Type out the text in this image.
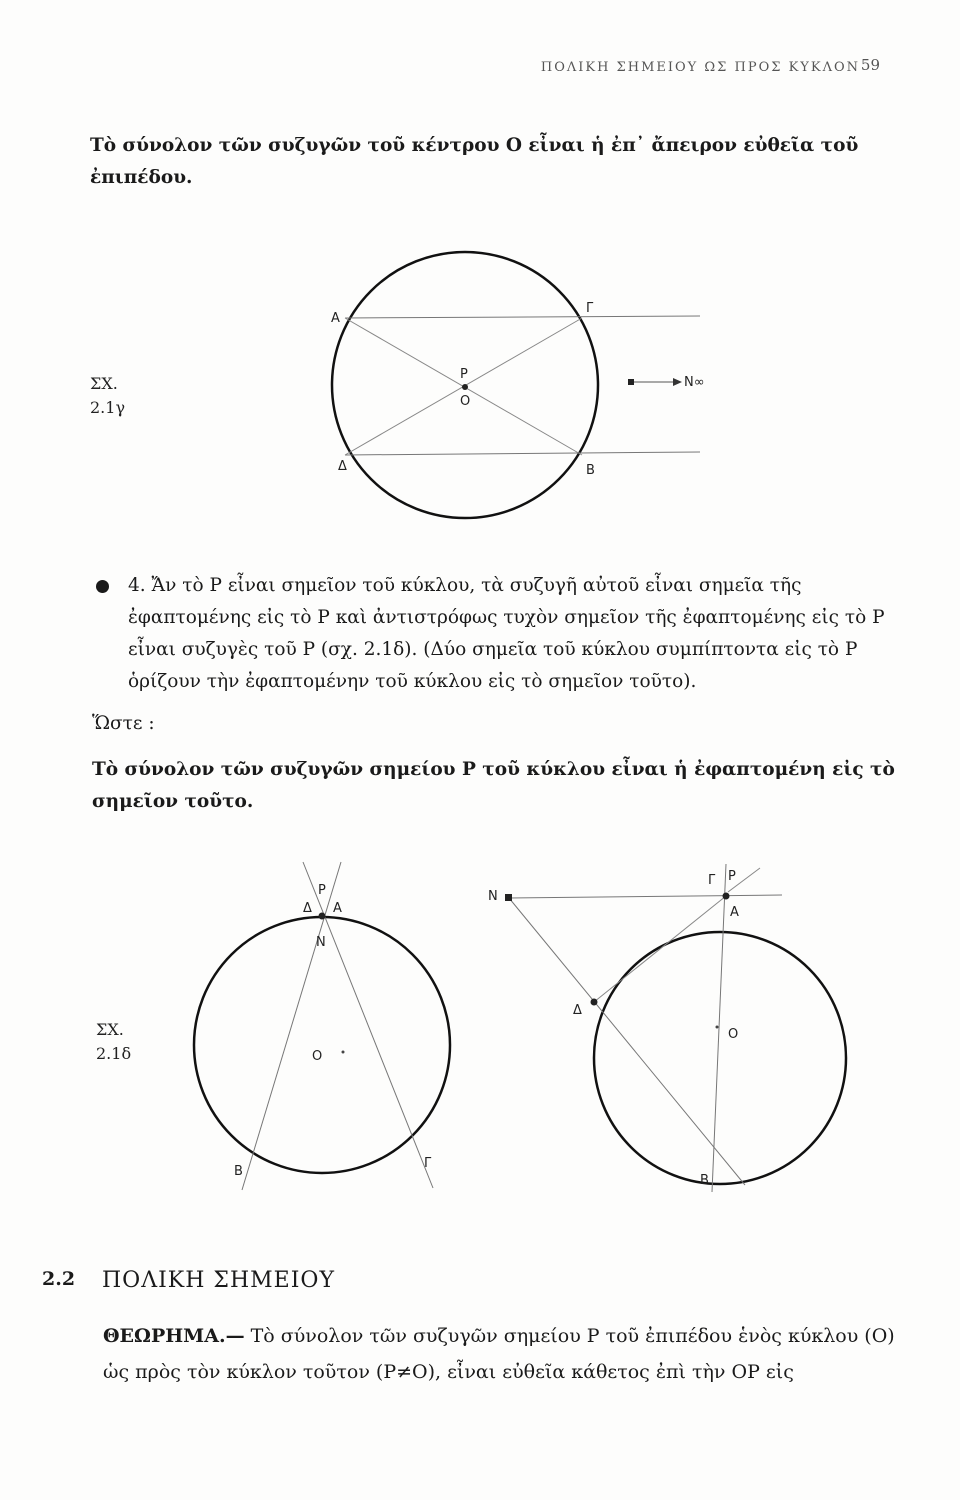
ΠΟΛΙΚΗ ΣΗΜΕΙΟΥ ΩΣ ΠΡΟΣ ΚΥΚΛΟΝ 59
Τὸ σύνολον τῶν συζυγῶν τοῦ κέντρου Ο εἶναι ἡ ἐπ᾽ ἄπειρον εὐθεῖα τοῦ ἐπιπέδου.
ΣΧ.
2.1γ
Α
Γ
Δ	Β
Ρ
Ο
N∞
4. Ἄν τὸ Ρ εἶναι σημεῖον τοῦ κύκλου, τὰ συζυγῆ αὐτοῦ εἶναι σημεῖα τῆς ἐφαπτομένης εἰς τὸ Ρ καὶ ἀντιστρόφως τυχὸν σημεῖον τῆς ἐφαπτομένης εἰς τὸ Ρ εἶναι συζυγὲς τοῦ Ρ (σχ. 2.1δ). (Δύο σημεῖα τοῦ κύκλου συμπίπτοντα εἰς τὸ Ρ ὁρίζουν τὴν ἐφαπτομένην τοῦ κύκλου εἰς τὸ σημεῖον τοῦτο).
Ὥστε :
Τὸ σύνολον τῶν συζυγῶν σημείου Ρ τοῦ κύκλου εἶναι ἡ ἐφαπτομένη εἰς τὸ σημεῖον τοῦτο.
ΣΧ.
2.1δ
P
Δ Α
N
Ο
Β
Γ
N
Γ P
Α
Δ
Ο
Β
2.2 ΠΟΛΙΚΗ ΣΗΜΕΙΟΥ
ΘΕΩΡΗΜΑ.— Τὸ σύνολον τῶν συζυγῶν σημείου Ρ τοῦ ἐπιπέδου ἑνὸς κύκλου (Ο) ὡς πρὸς τὸν κύκλον τοῦτον (Ρ≠Ο), εἶναι εὐθεῖα κάθετος ἐπὶ τὴν ΟΡ εἰς
